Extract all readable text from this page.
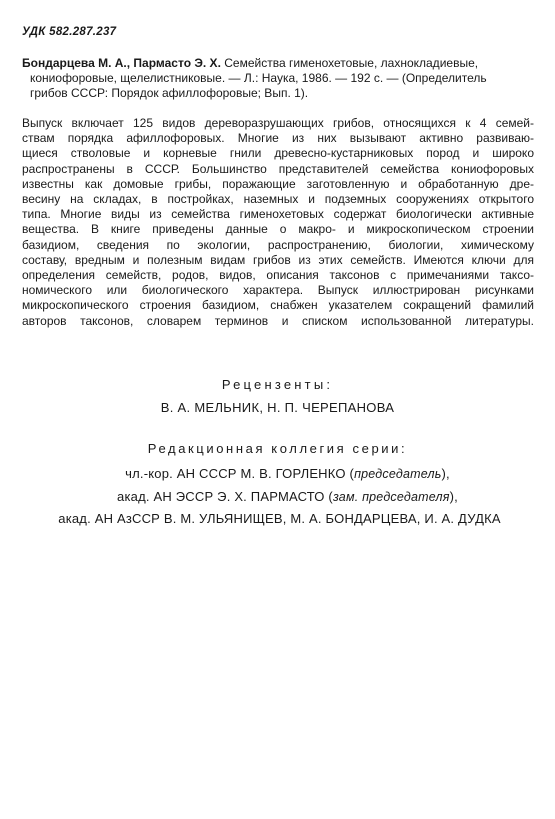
УДК 582.287.237
Бондарцева М. А., Пармасто Э. Х. Семейства гименохетовые, лахнокладиевые,
кониофоровые, щелелистниковые. — Л.: Наука, 1986. — 192 с. — (Определитель
грибов СССР: Порядок афиллофоровые; Вып. 1).
Выпуск включает 125 видов дереворазрушающих грибов, относящихся к 4 семей-
ствам порядка афиллофоровых. Многие из них вызывают активно развиваю-
щиеся стволовые и корневые гнили древесно-кустарниковых пород и широко
распространены в СССР. Большинство представителей семейства кониофоровых
известны как домовые грибы, поражающие заготовленную и обработанную дре-
весину на складах, в постройках, наземных и подземных сооружениях открытого
типа. Многие виды из семейства гименохетовых содержат биологически активные
вещества. В книге приведены данные о макро- и микроскопическом строении
базидиом, сведения по экологии, распространению, биологии, химическому
составу, вредным и полезным видам грибов из этих семейств. Имеются ключи для
определения семейств, родов, видов, описания таксонов с примечаниями таксо-
номического или биологического характера. Выпуск иллюстрирован рисунками
микроскопического строения базидиом, снабжен указателем сокращений фамилий
авторов таксонов, словарем терминов и списком использованной литературы.
Рецензенты:
В. А. МЕЛЬНИК, Н. П. ЧЕРЕПАНОВА
Редакционная коллегия серии:
чл.-кор. АН СССР М. В. ГОРЛЕНКО (председатель),
акад. АН ЭССР Э. Х. ПАРМАСТО (зам. председателя),
акад. АН АзССР В. М. УЛЬЯНИЩЕВ, М. А. БОНДАРЦЕВА, И. А. ДУДКА
